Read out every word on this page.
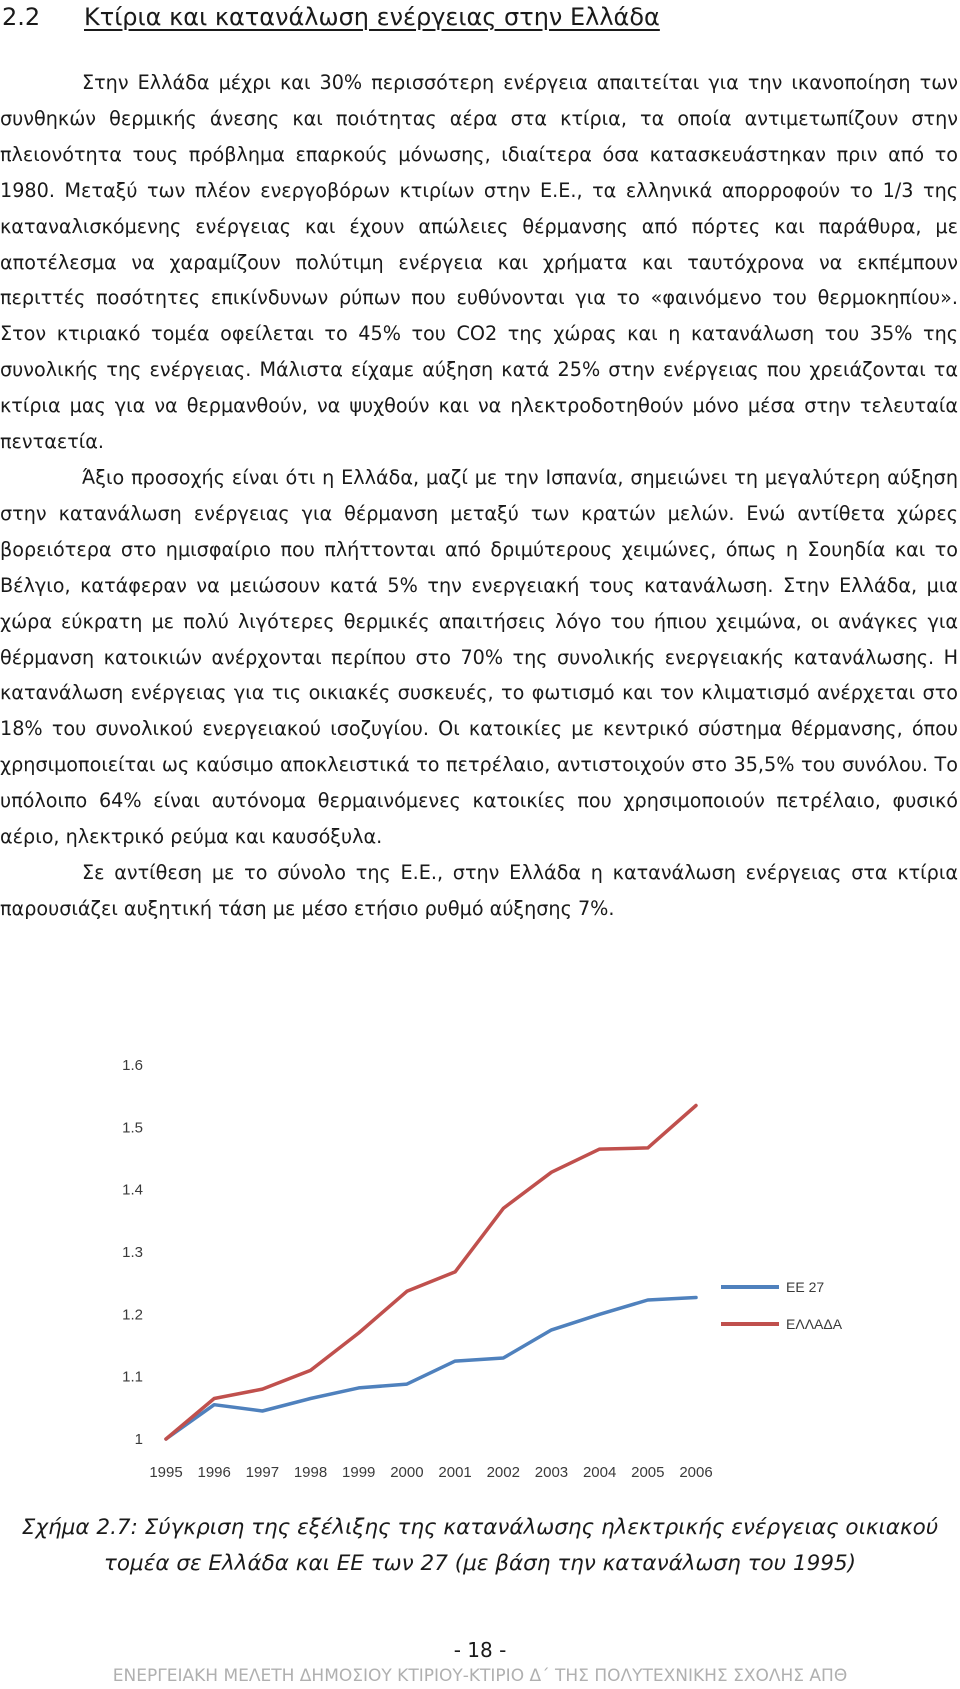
2.2 Κτίρια και κατανάλωση ενέργειας στην Ελλάδα

Στην Ελλάδα μέχρι και 30% περισσότερη ενέργεια απαιτείται για την ικανοποίηση των συνθηκών θερμικής άνεσης και ποιότητας αέρα στα κτίρια, τα οποία αντιμετωπίζουν στην πλειονότητα τους πρόβλημα επαρκούς μόνωσης, ιδιαίτερα όσα κατασκευάστηκαν πριν από το 1980. Μεταξύ των πλέον ενεργοβόρων κτιρίων στην Ε.Ε., τα ελληνικά απορροφούν το 1/3 της καταναλισκόμενης ενέργειας και έχουν απώλειες θέρμανσης από πόρτες και παράθυρα, με αποτέλεσμα να χαραμίζουν πολύτιμη ενέργεια και χρήματα και ταυτόχρονα να εκπέμπουν περιττές ποσότητες επικίνδυνων ρύπων που ευθύνονται για το «φαινόμενο του θερμοκηπίου». Στον κτιριακό τομέα οφείλεται το 45% του CO2 της χώρας και η κατανάλωση του 35% της συνολικής της ενέργειας. Μάλιστα είχαμε αύξηση κατά 25% στην ενέργειας που χρειάζονται τα κτίρια μας για να θερμανθούν, να ψυχθούν και να ηλεκτροδοτηθούν μόνο μέσα στην τελευταία πενταετία.

Άξιο προσοχής είναι ότι η Ελλάδα, μαζί με την Ισπανία, σημειώνει τη μεγαλύτερη αύξηση στην κατανάλωση ενέργειας για θέρμανση μεταξύ των κρατών μελών. Ενώ αντίθετα χώρες βορειότερα στο ημισφαίριο που πλήττονται από δριμύτερους χειμώνες, όπως η Σουηδία και το Βέλγιο, κατάφεραν να μειώσουν κατά 5% την ενεργειακή τους κατανάλωση. Στην Ελλάδα, μια χώρα εύκρατη με πολύ λιγότερες θερμικές απαιτήσεις λόγο του ήπιου χειμώνα, οι ανάγκες για θέρμανση κατοικιών ανέρχονται περίπου στο 70% της συνολικής ενεργειακής κατανάλωσης. Η κατανάλωση ενέργειας για τις οικιακές συσκευές, το φωτισμό και τον κλιματισμό ανέρχεται στο 18% του συνολικού ενεργειακού ισοζυγίου. Οι κατοικίες με κεντρικό σύστημα θέρμανσης, όπου χρησιμοποιείται ως καύσιμο αποκλειστικά το πετρέλαιο, αντιστοιχούν στο 35,5% του συνόλου. Το υπόλοιπο 64% είναι αυτόνομα θερμαινόμενες κατοικίες που χρησιμοποιούν πετρέλαιο, φυσικό αέριο, ηλεκτρικό ρεύμα και καυσόξυλα.

Σε αντίθεση με το σύνολο της Ε.Ε., στην Ελλάδα η κατανάλωση ενέργειας στα κτίρια παρουσιάζει αυξητική τάση με μέσο ετήσιο ρυθμό αύξησης 7%.

1
1.1
1.2
1.3
1.4
1.5
1.6
1995 1996 1997 1998 1999 2000 2001 2002 2003 2004 2005 2006
ΕΕ 27
ΕΛΛΑΔΑ
Σχήμα 2.7: Σύγκριση της εξέλιξης της κατανάλωσης ηλεκτρικής ενέργειας οικιακού
τομέα σε Ελλάδα και ΕΕ των 27 (με βάση την κατανάλωση του 1995)
- 18 -
ΕΝΕΡΓΕΙΑΚΗ ΜΕΛΕΤΗ ΔΗΜΟΣΙΟΥ ΚΤΙΡΙΟΥ-ΚΤΙΡΙΟ Δ΄ ΤΗΣ ΠΟΛΥΤΕΧΝΙΚΗΣ ΣΧΟΛΗΣ ΑΠΘ
